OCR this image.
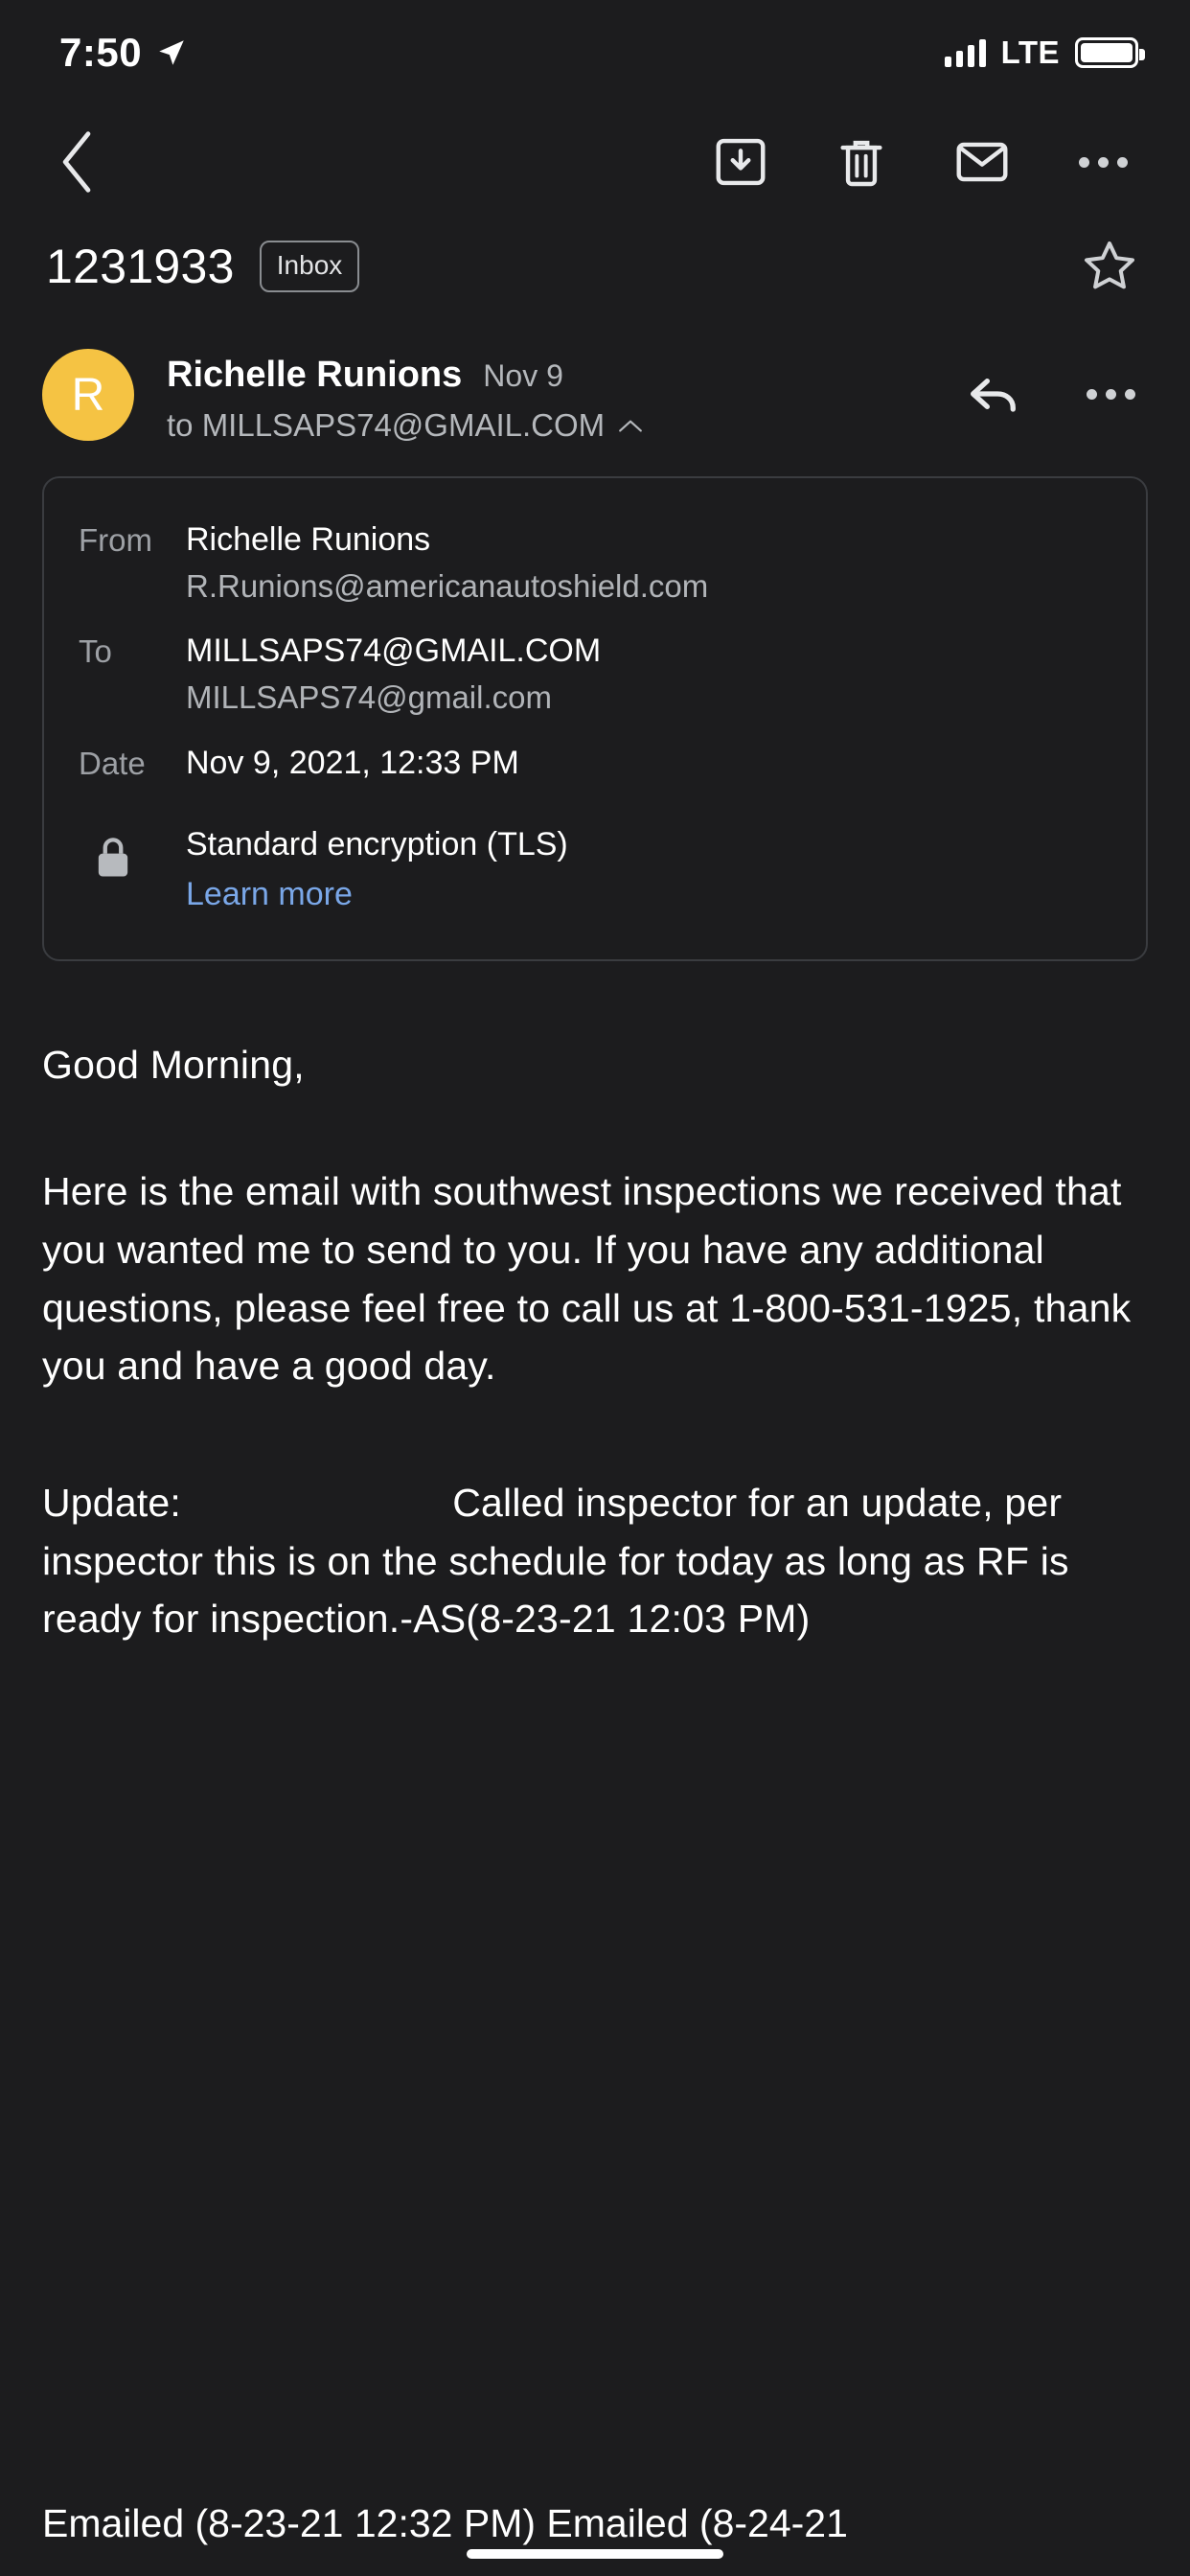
7:50	LTE
1231933	Inbox
R	Richelle Runions Nov 9
to MILLSAPS74@GMAIL.COM
From	Richelle Runions
R.Runions@americanautoshield.com
To	MILLSAPS74@GMAIL.COM
MILLSAPS74@gmail.com
Date	Nov 9, 2021, 12:33 PM
Standard encryption (TLS)
Learn more
Good Morning,
Here is the email with southwest inspections we received that you wanted me to send to you. If you have any additional questions, please feel free to call us at 1-800-531-1925, thank you and have a good day.
Update:	Called inspector for an update, per inspector this is on the schedule for today as long as RF is ready for inspection.-AS(8-23-21 12:03 PM)
Emailed (8-23-21 12:32 PM) Emailed (8-24-21
